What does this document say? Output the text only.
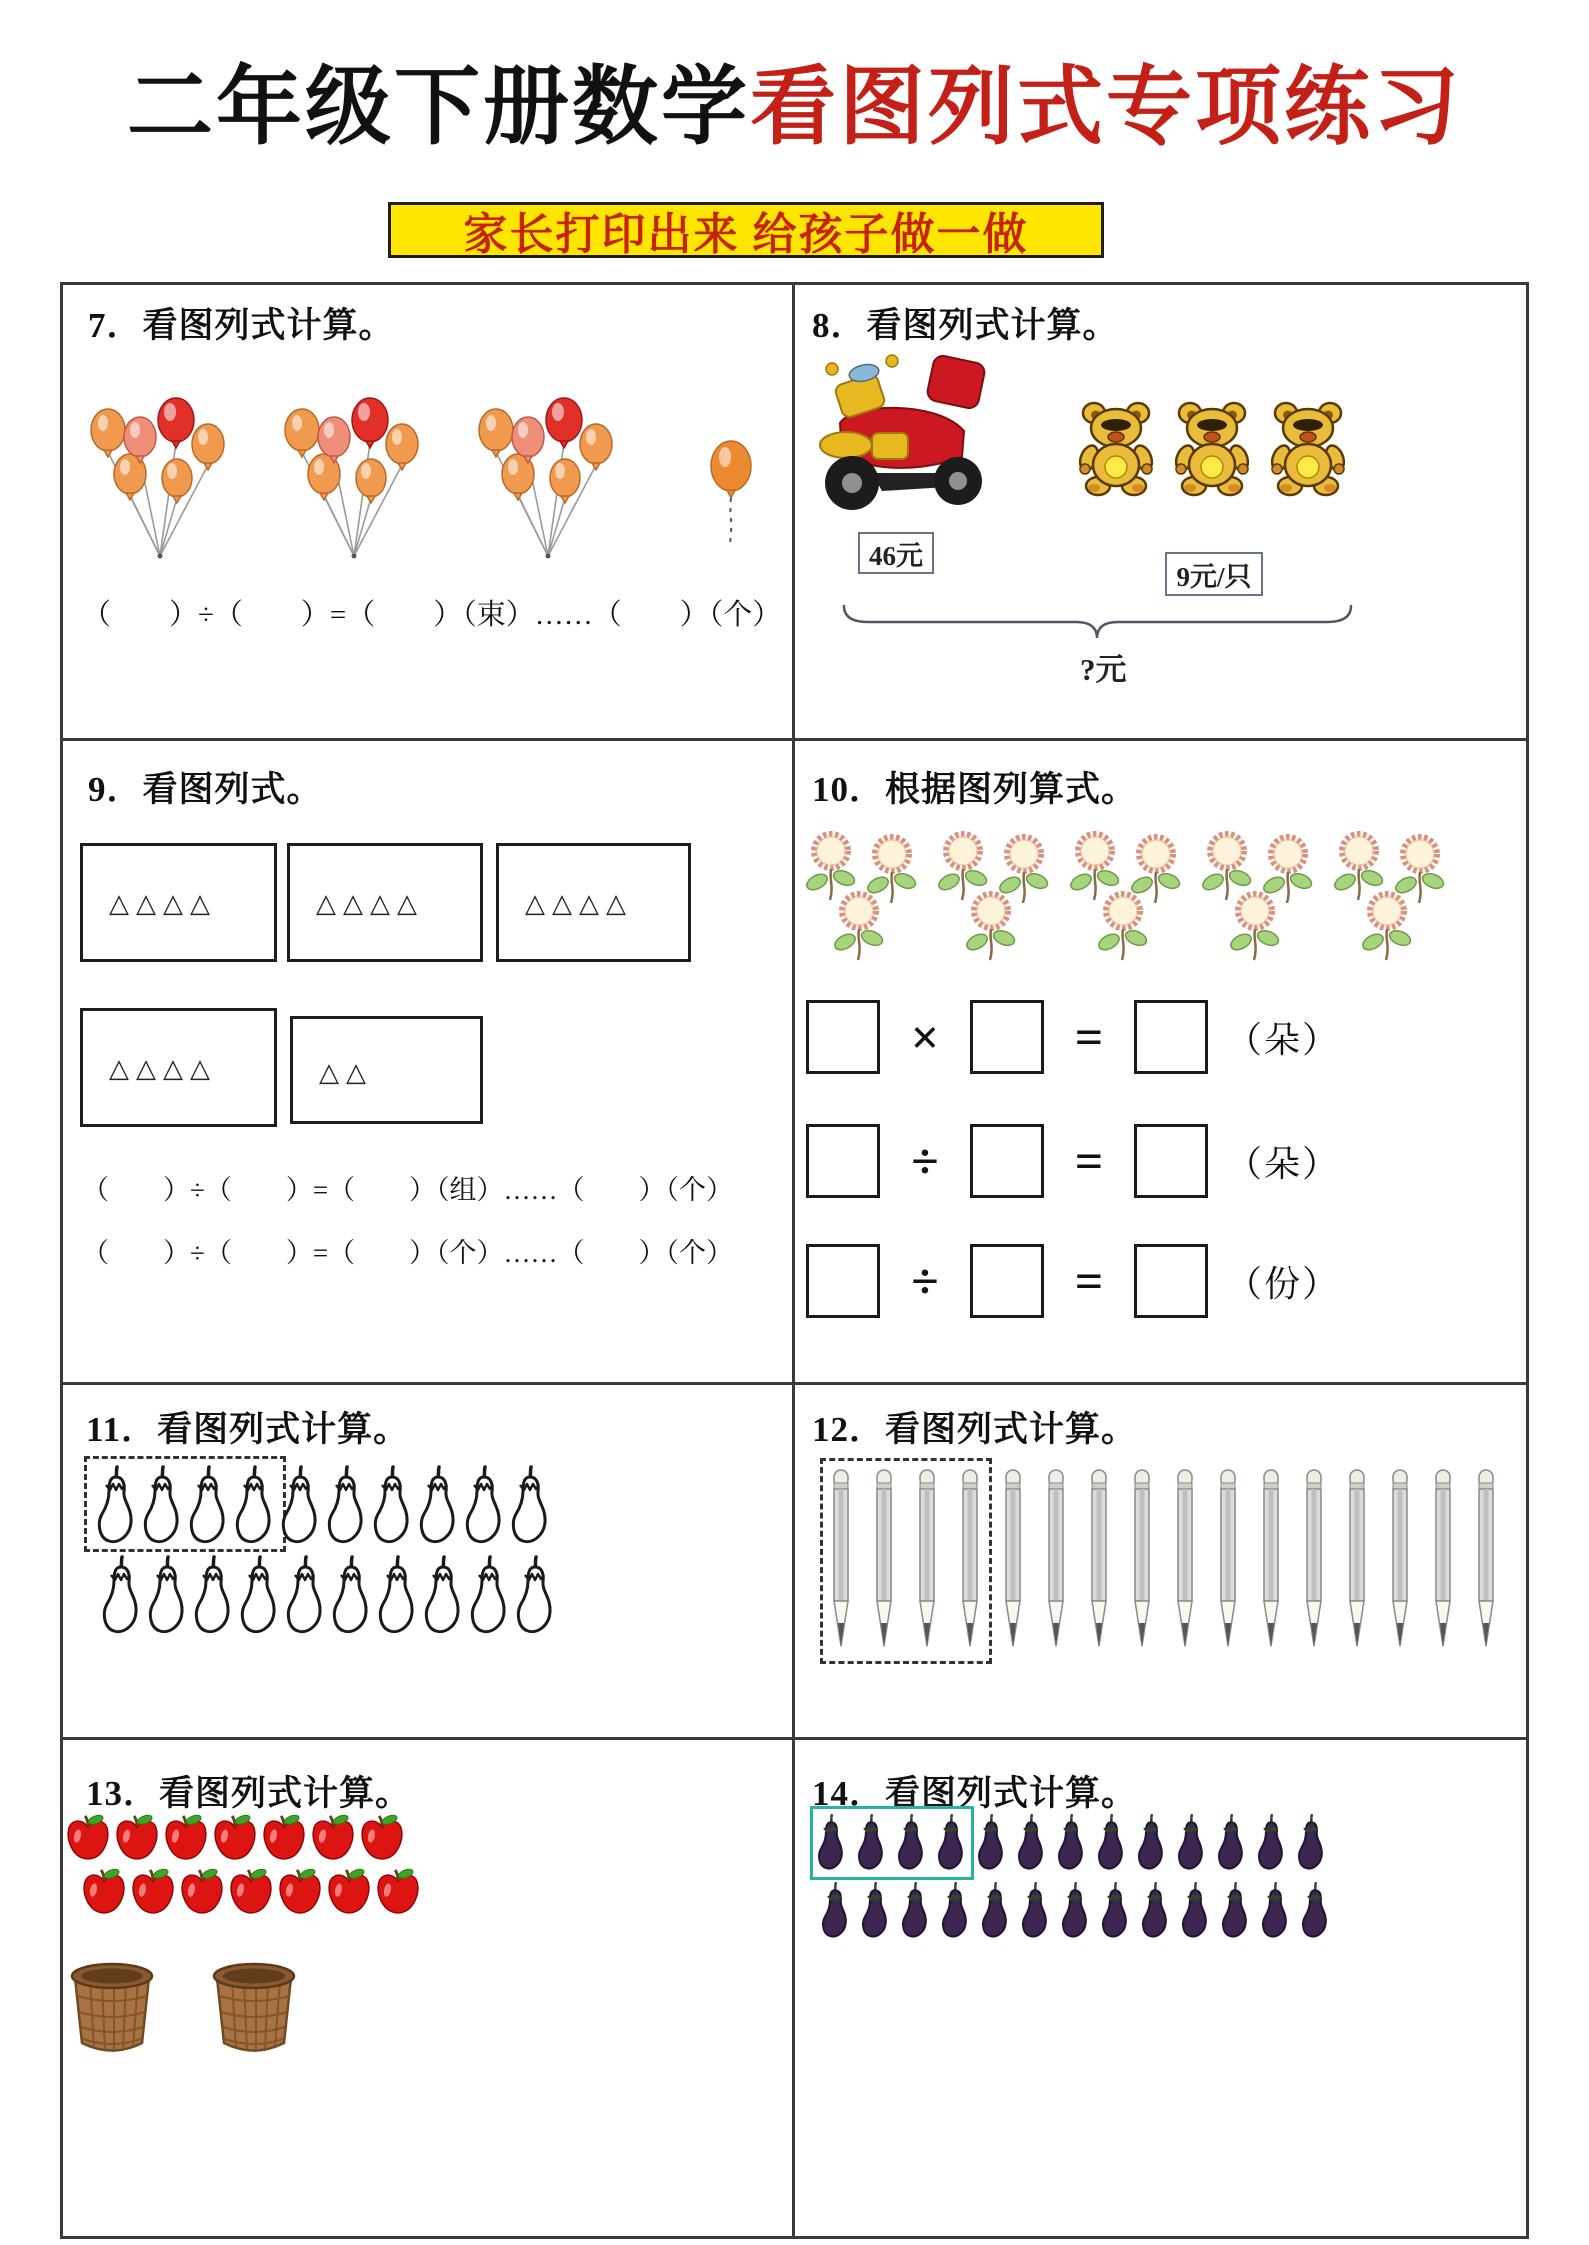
二年级下册数学 看图列式专项练习
家长打印出来 给孩子做一做
7．看图列式计算。
（　　）÷（　　）=（　　）（束）……（　　）（个）
8．看图列式计算。
46元
9元/只
?元
9．看图列式。
△△△△	△△△△	△△△△
△△△△	△△
（　　）÷（　　）=（　　）（组）……（　　）（个）
（　　）÷（　　）=（　　）（个）……（　　）（个）
10．根据图列算式。
×	=	（朵）
÷	=	（朵）
÷	=	（份）
11．看图列式计算。	12．看图列式计算。
13．看图列式计算。	14．看图列式计算。
